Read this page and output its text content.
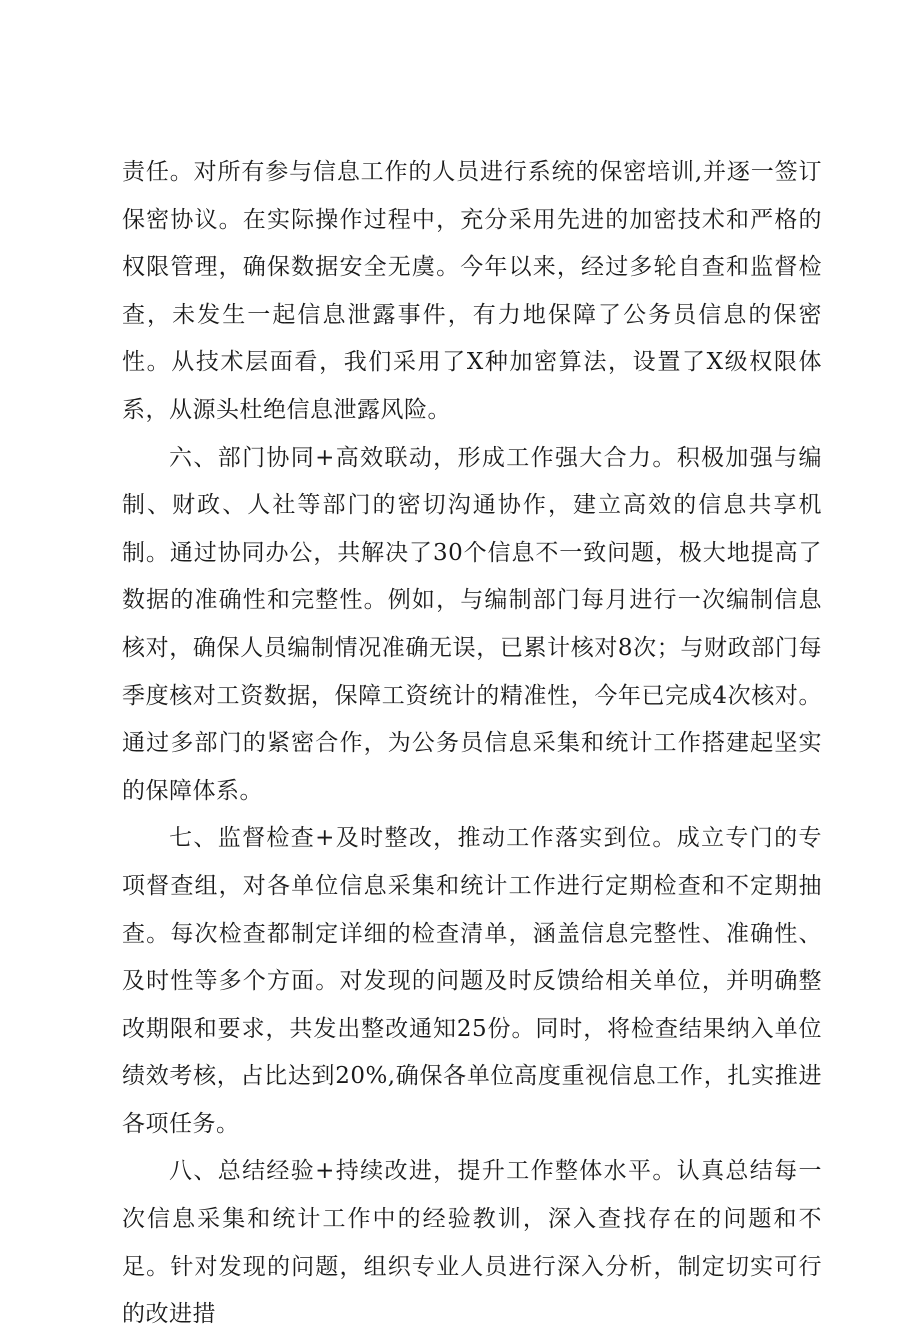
责任。对所有参与信息工作的人员进行系统的保密培训,并逐一签订保密协议。在实际操作过程中，充分采用先进的加密技术和严格的权限管理，确保数据安全无虞。今年以来，经过多轮自查和监督检查，未发生一起信息泄露事件，有力地保障了公务员信息的保密性。从技术层面看，我们采用了X种加密算法，设置了X级权限体系，从源头杜绝信息泄露风险。

六、部门协同+高效联动，形成工作强大合力。积极加强与编制、财政、人社等部门的密切沟通协作，建立高效的信息共享机制。通过协同办公，共解决了30个信息不一致问题，极大地提高了数据的准确性和完整性。例如，与编制部门每月进行一次编制信息核对，确保人员编制情况准确无误，已累计核对8次；与财政部门每季度核对工资数据，保障工资统计的精准性，今年已完成4次核对。通过多部门的紧密合作，为公务员信息采集和统计工作搭建起坚实的保障体系。

七、监督检查+及时整改，推动工作落实到位。成立专门的专项督查组，对各单位信息采集和统计工作进行定期检查和不定期抽查。每次检查都制定详细的检查清单，涵盖信息完整性、准确性、及时性等多个方面。对发现的问题及时反馈给相关单位，并明确整改期限和要求，共发出整改通知25份。同时，将检查结果纳入单位绩效考核，占比达到20%,确保各单位高度重视信息工作，扎实推进各项任务。

八、总结经验+持续改进，提升工作整体水平。认真总结每一次信息采集和统计工作中的经验教训，深入查找存在的问题和不足。针对发现的问题，组织专业人员进行深入分析，制定切实可行的改进措
